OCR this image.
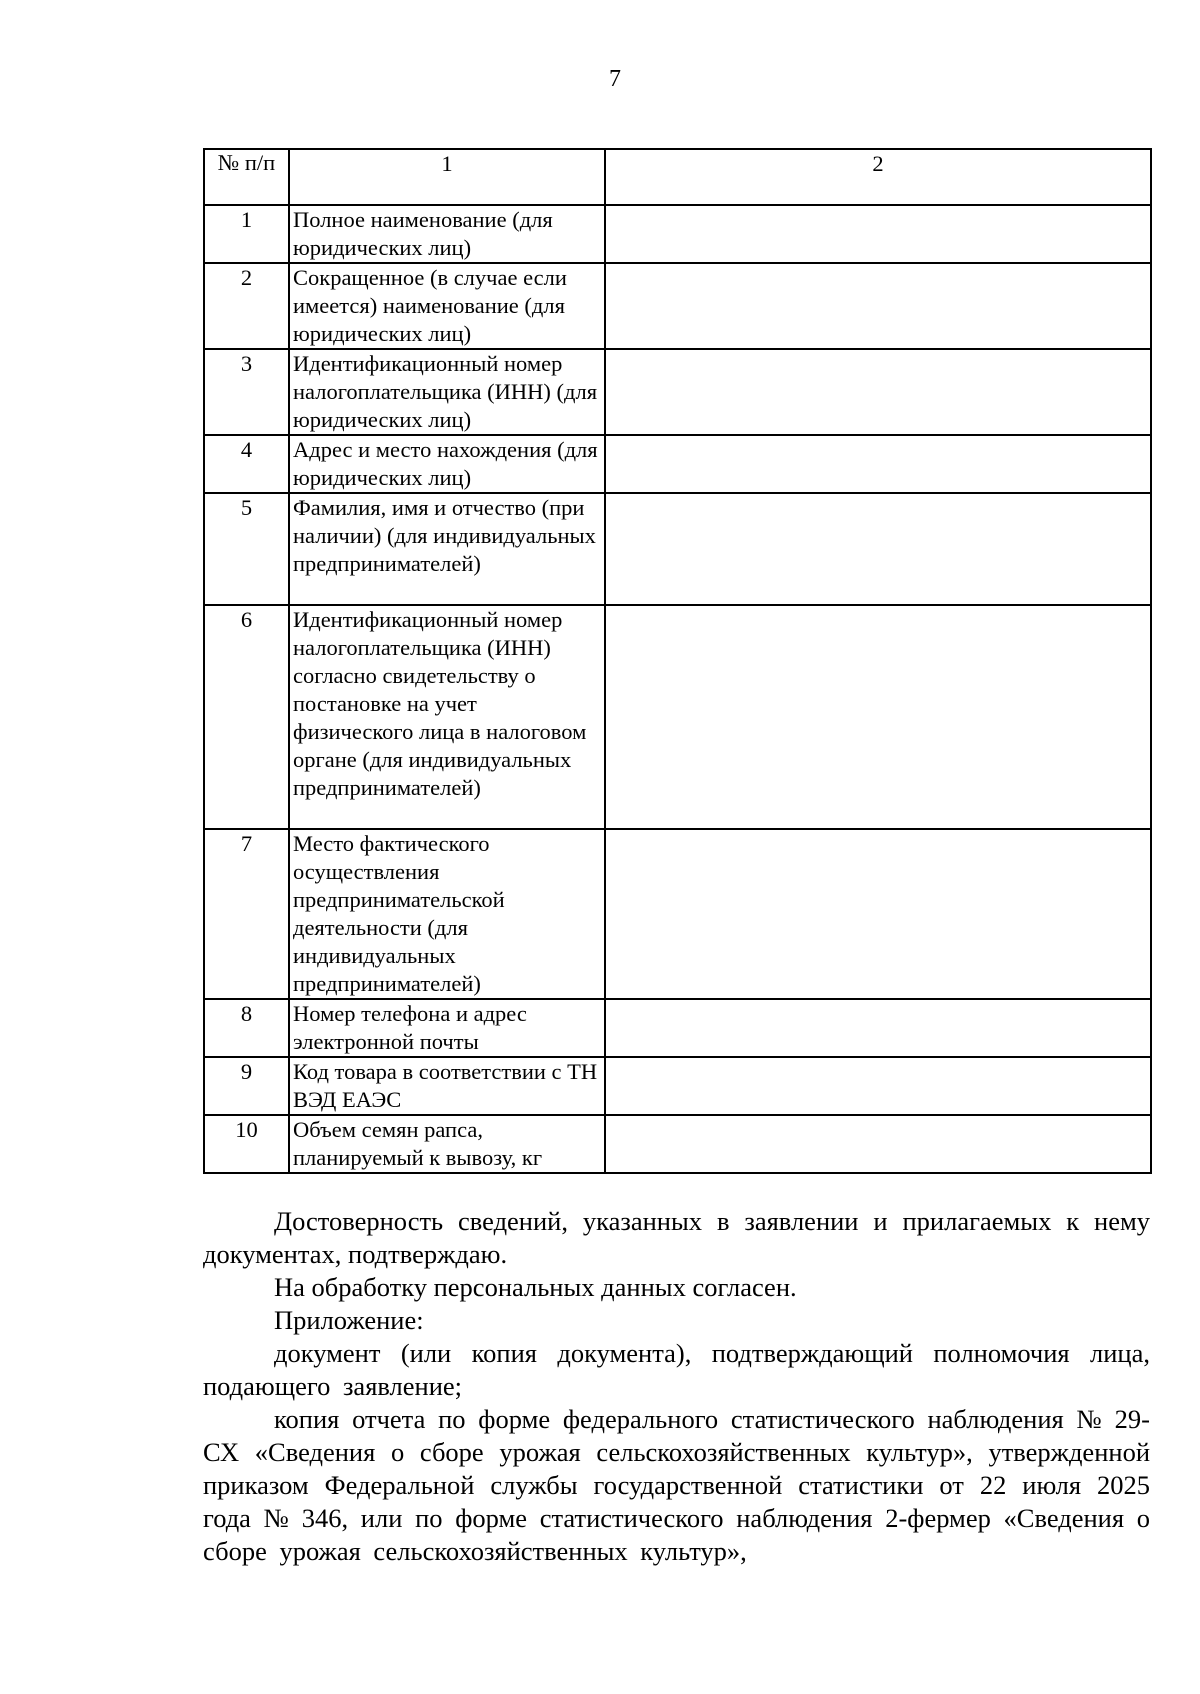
7
№ п/п	1	2
1	Полное наименование (для юридических лиц)	
2	Сокращенное (в случае если имеется) наименование (для юридических лиц)	
3	Идентификационный номер налогоплательщика (ИНН) (для юридических лиц)	
4	Адрес и место нахождения (для юридических лиц)	
5	Фамилия, имя и отчество (при наличии) (для индивидуальных предпринимателей)	
6	Идентификационный номер налогоплательщика (ИНН) согласно свидетельству о постановке на учет физического лица в налоговом органе (для индивидуальных предпринимателей)	
7	Место фактического осуществления предпринимательской деятельности (для индивидуальных предпринимателей)	
8	Номер телефона и адрес электронной почты	
9	Код товара в соответствии с ТН ВЭД ЕАЭС	
10	Объем семян рапса, планируемый к вывозу, кг	

Достоверность сведений, указанных в заявлении и прилагаемых к нему документах, подтверждаю.

На обработку персональных данных согласен.

Приложение:

документ (или копия документа), подтверждающий полномочия лица, подающего заявление;

копия отчета по форме федерального статистического наблюдения № 29-СХ «Сведения о сборе урожая сельскохозяйственных культур», утвержденной приказом Федеральной службы государственной статистики от 22 июля 2025 года № 346, или по форме статистического наблюдения 2-фермер «Сведения о сборе урожая сельскохозяйственных культур»,
